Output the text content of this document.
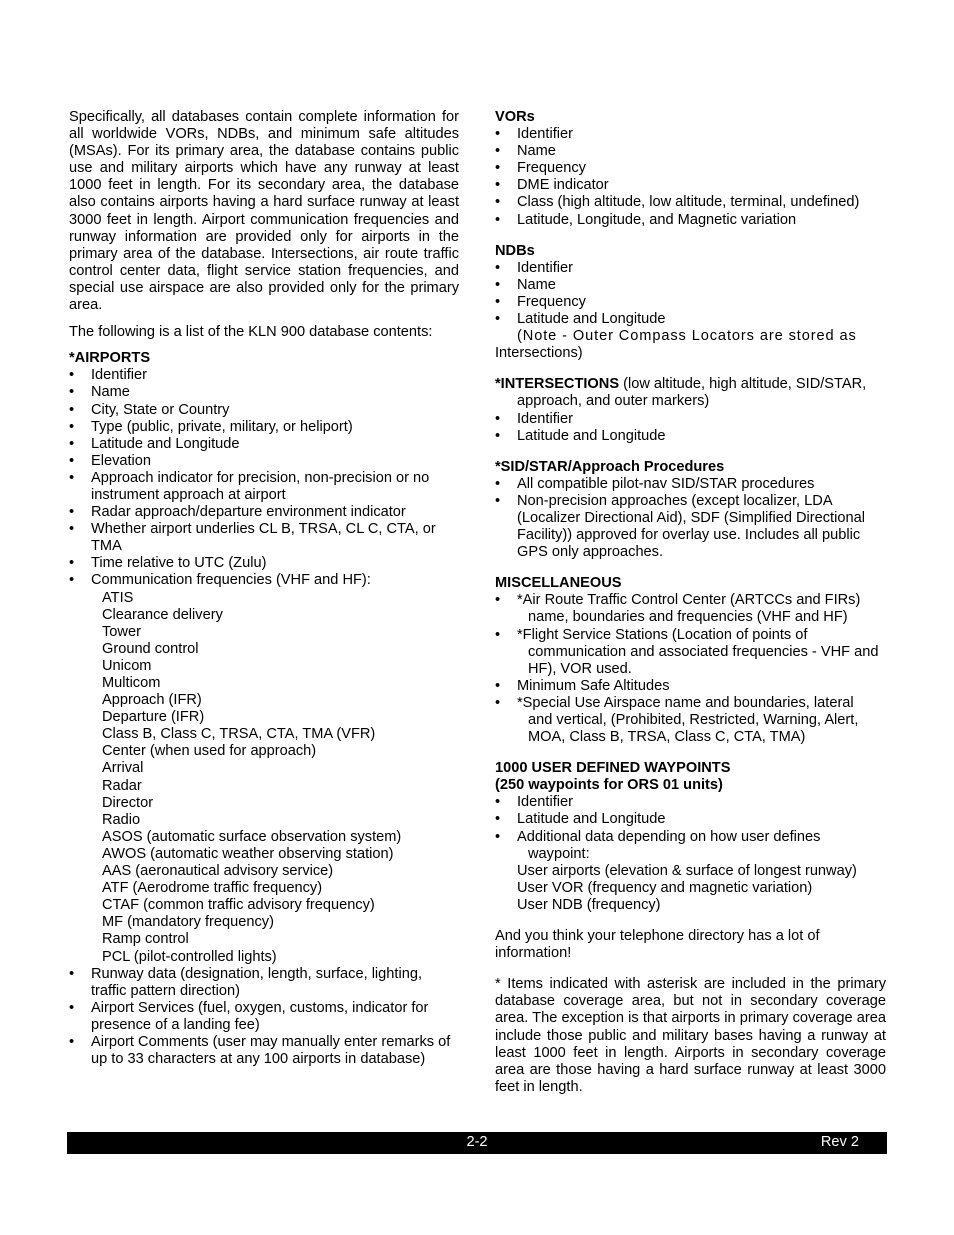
Specifically, all databases contain complete information for all worldwide VORs, NDBs, and minimum safe altitudes (MSAs). For its primary area, the database contains public use and military airports which have any runway at least 1000 feet in length. For its secondary area, the database also contains airports having a hard surface runway at least 3000 feet in length. Airport communication frequencies and runway information are provided only for airports in the primary area of the database. Intersections, air route traffic control center data, flight service station frequencies, and special use airspace are also provided only for the primary area.

The following is a list of the KLN 900 database contents:

*AIRPORTS
• Identifier
• Name
• City, State or Country
• Type (public, private, military, or heliport)
• Latitude and Longitude
• Elevation
• Approach indicator for precision, non-precision or no instrument approach at airport
• Radar approach/departure environment indicator
• Whether airport underlies CL B, TRSA, CL C, CTA, or TMA
• Time relative to UTC (Zulu)
• Communication frequencies (VHF and HF):
ATIS
Clearance delivery
Tower
Ground control
Unicom
Multicom
Approach (IFR)
Departure (IFR)
Class B, Class C, TRSA, CTA, TMA (VFR)
Center (when used for approach)
Arrival
Radar
Director
Radio
ASOS (automatic surface observation system)
AWOS (automatic weather observing station)
AAS (aeronautical advisory service)
ATF (Aerodrome traffic frequency)
CTAF (common traffic advisory frequency)
MF (mandatory frequency)
Ramp control
PCL (pilot-controlled lights)
• Runway data (designation, length, surface, lighting, traffic pattern direction)
• Airport Services (fuel, oxygen, customs, indicator for presence of a landing fee)
• Airport Comments (user may manually enter remarks of up to 33 characters at any 100 airports in database)
VORs
• Identifier
• Name
• Frequency
• DME indicator
• Class (high altitude, low altitude, terminal, undefined)
• Latitude, Longitude, and Magnetic variation
NDBs
• Identifier
• Name
• Frequency
• Latitude and Longitude

(Note - Outer Compass Locators are stored as

Intersections)

*INTERSECTIONS (low altitude, high altitude, SID/STAR,

approach, and outer markers)

• Identifier
• Latitude and Longitude
*SID/STAR/Approach Procedures
• All compatible pilot-nav SID/STAR procedures
• Non-precision approaches (except localizer, LDA (Localizer Directional Aid), SDF (Simplified Directional Facility)) approved for overlay use. Includes all public GPS only approaches.
MISCELLANEOUS
• *Air Route Traffic Control Center (ARTCCs and FIRs)
name, boundaries and frequencies (VHF and HF)
• *Flight Service Stations (Location of points of
communication and associated frequencies - VHF and HF), VOR used.
• Minimum Safe Altitudes
• *Special Use Airspace name and boundaries, lateral
and vertical, (Prohibited, Restricted, Warning, Alert, MOA, Class B, TRSA, Class C, CTA, TMA)
1000 USER DEFINED WAYPOINTS
(250 waypoints for ORS 01 units)
• Identifier
• Latitude and Longitude
• Additional data depending on how user defines
waypoint:
User airports (elevation & surface of longest runway)
User VOR (frequency and magnetic variation)
User NDB (frequency)

And you think your telephone directory has a lot of information!

* Items indicated with asterisk are included in the primary database coverage area, but not in secondary coverage area. The exception is that airports in primary coverage area include those public and military bases having a runway at least 1000 feet in length. Airports in secondary coverage area are those having a hard surface runway at least 3000 feet in length.

2-2	Rev 2
